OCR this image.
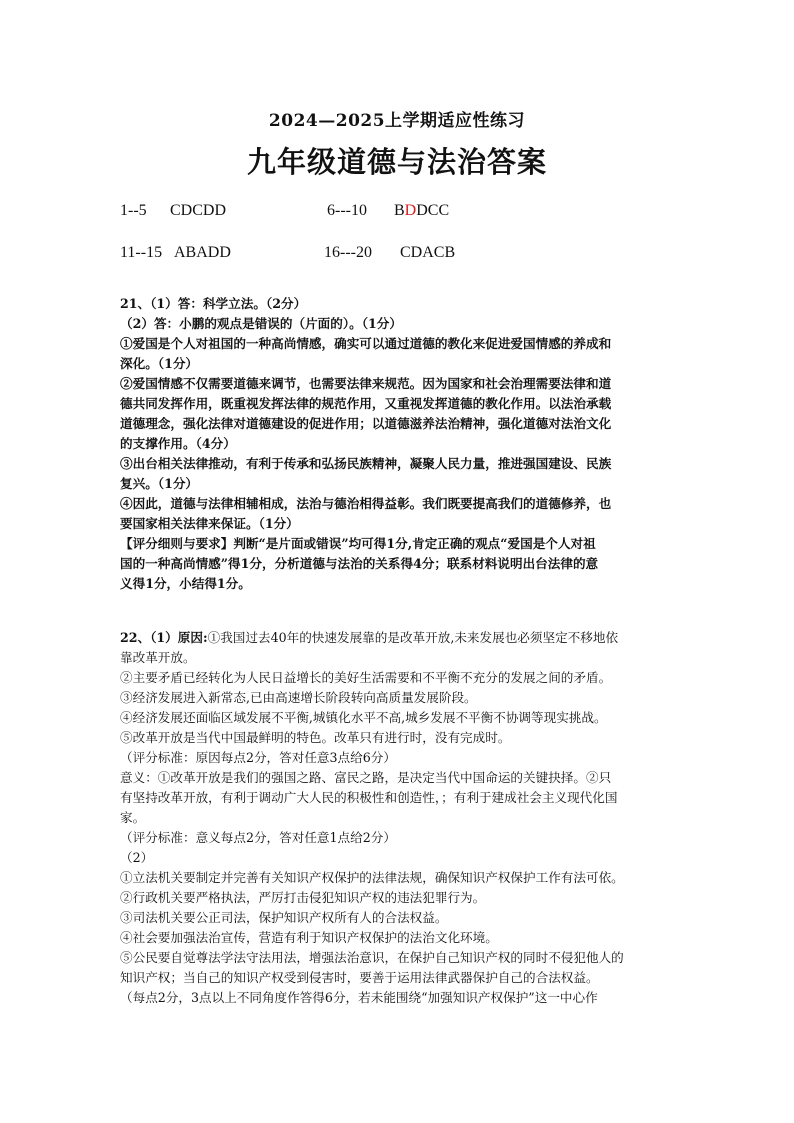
2024—2025上学期适应性练习
九年级道德与法治答案
1--5 CDCDD	6---10 BDDCC
11--15 ABADD	16---20 CDACB

21、（1）答：科学立法。（2分）

（2）答：小鹏的观点是错误的（片面的）。（1分）

①爱国是个人对祖国的一种高尚情感，确实可以通过道德的教化来促进爱国情感的养成和

深化。（1分）

②爱国情感不仅需要道德来调节，也需要法律来规范。因为国家和社会治理需要法律和道

德共同发挥作用，既重视发挥法律的规范作用，又重视发挥道德的教化作用。以法治承载

道德理念，强化法律对道德建设的促进作用；以道德滋养法治精神，强化道德对法治文化

的支撑作用。（4分）

③出台相关法律推动，有利于传承和弘扬民族精神，凝聚人民力量，推进强国建设、民族

复兴。（1分）

④因此，道德与法律相辅相成，法治与德治相得益彰。我们既要提高我们的道德修养，也

要国家相关法律来保证。（1分）

【评分细则与要求】判断“是片面或错误”均可得1分,肯定正确的观点“爱国是个人对祖

国的一种高尚情感”得1分，分析道德与法治的关系得4分；联系材料说明出台法律的意

义得1分，小结得1分。

22、（1）原因:①我国过去40年的快速发展靠的是改革开放,未来发展也必须坚定不移地依

靠改革开放。

②主要矛盾已经转化为人民日益增长的美好生活需要和不平衡不充分的发展之间的矛盾。

③经济发展进入新常态,已由高速增长阶段转向高质量发展阶段。

④经济发展还面临区域发展不平衡,城镇化水平不高,城乡发展不平衡不协调等现实挑战。

⑤改革开放是当代中国最鲜明的特色。改革只有进行时，没有完成时。

（评分标准：原因每点2分，答对任意3点给6分）

意义：①改革开放是我们的强国之路、富民之路，是决定当代中国命运的关键抉择。②只

有坚持改革开放，有利于调动广大人民的积极性和创造性，；有利于建成社会主义现代化国

家。

（评分标准：意义每点2分，答对任意1点给2分）

（2）

①立法机关要制定并完善有关知识产权保护的法律法规，确保知识产权保护工作有法可依。

②行政机关要严格执法，严厉打击侵犯知识产权的违法犯罪行为。

③司法机关要公正司法，保护知识产权所有人的合法权益。

④社会要加强法治宣传，营造有利于知识产权保护的法治文化环境。

⑤公民要自觉尊法学法守法用法，增强法治意识，在保护自己知识产权的同时不侵犯他人的

知识产权；当自己的知识产权受到侵害时，要善于运用法律武器保护自己的合法权益。

（每点2分，3点以上不同角度作答得6分，若未能围绕“加强知识产权保护”这一中心作
